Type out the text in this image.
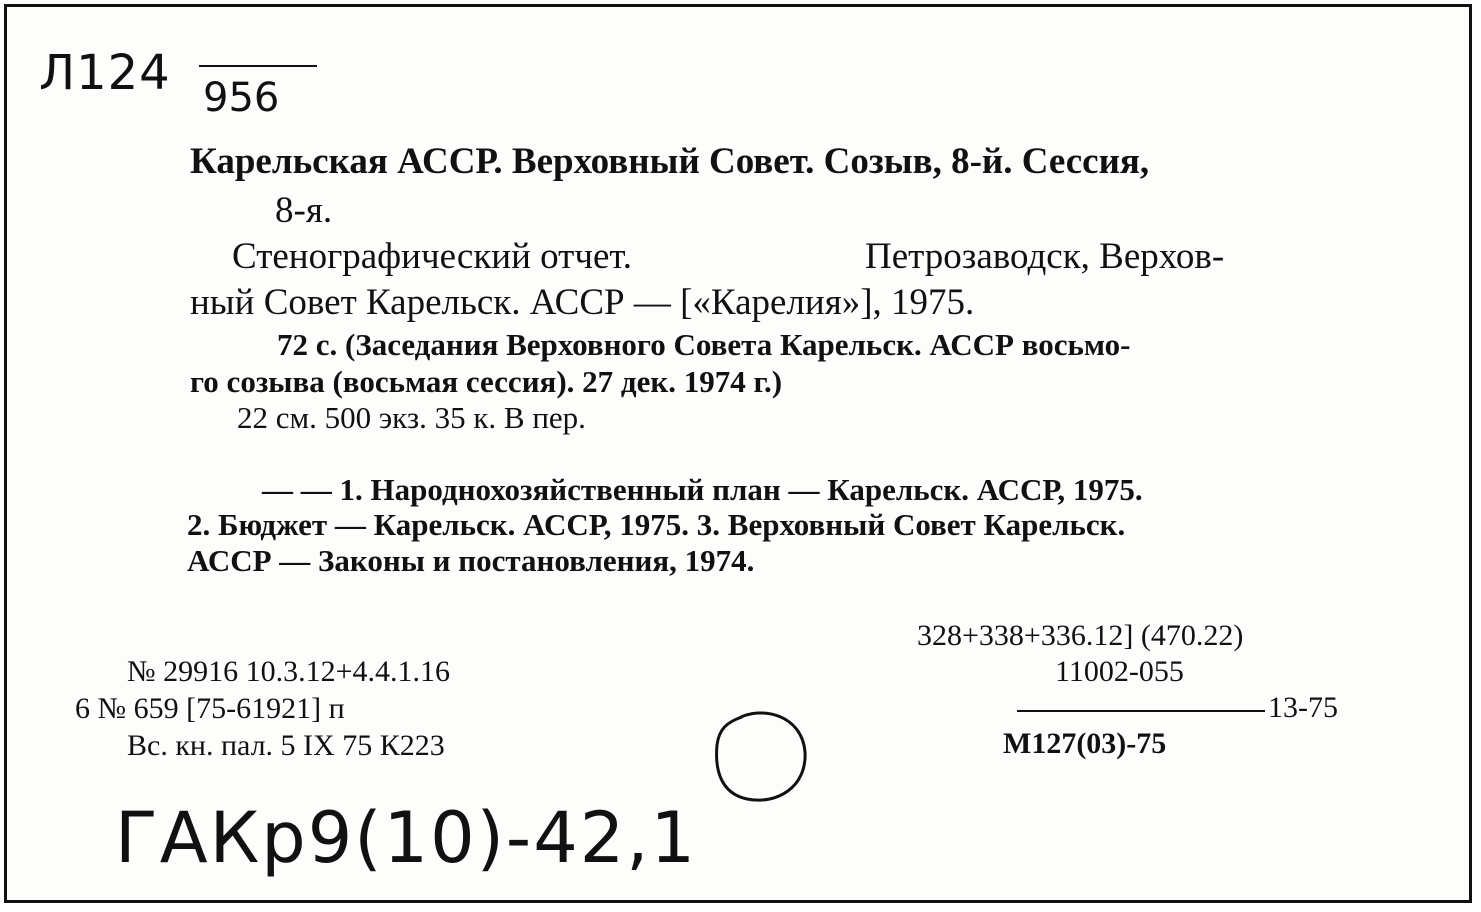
Л124 956
Карельская АССР. Верховный Совет. Созыв, 8-й. Сессия,
8-я.
Стенографический отчет.	Петрозаводск, Верхов-
ный Совет Карельск. АССР — [«Карелия»], 1975.
72 с. (Заседания Верховного Совета Карельск. АССР восьмо-
го созыва (восьмая сессия). 27 дек. 1974 г.)
22 см. 500 экз. 35 к. В пер.
— — 1. Народнохозяйственный план — Карельск. АССР, 1975.
2. Бюджет — Карельск. АССР, 1975. 3. Верховный Совет Карельск.
АССР — Законы и постановления, 1974.
№ 29916 10.3.12+4.4.1.16
6 № 659 [75-61921] п
Вс. кн. пал. 5 IX 75 К223
328+338+336.12] (470.22)
11002-055
13-75
М127(03)-75
ГАКр9(10)-42,1
